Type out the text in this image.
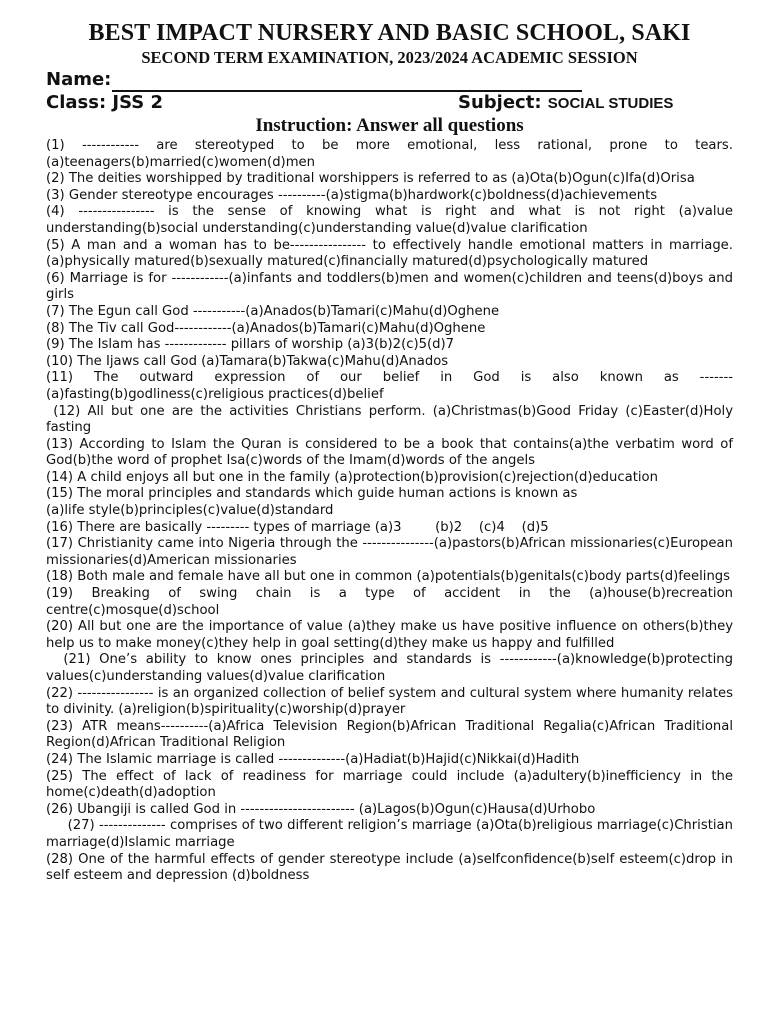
BEST IMPACT NURSERY AND BASIC SCHOOL, SAKI
SECOND TERM EXAMINATION, 2023/2024 ACADEMIC SESSION
Name:
Class: JSS 2	Subject: SOCIAL STUDIES
Instruction: Answer all questions

(1) ------------ are stereotyped to be more emotional, less rational, prone to tears. (a)teenagers(b)married(c)women(d)men

(2) The deities worshipped by traditional worshippers is referred to as (a)Ota(b)Ogun(c)Ifa(d)Orisa

(3) Gender stereotype encourages ----------(a)stigma(b)hardwork(c)boldness(d)achievements

(4) ---------------- is the sense of knowing what is right and what is not right (a)value understanding(b)social understanding(c)understanding value(d)value clarification

(5) A man and a woman has to be---------------- to effectively handle emotional matters in marriage. (a)physically matured(b)sexually matured(c)financially matured(d)psychologically matured

(6) Marriage is for ------------(a)infants and toddlers(b)men and women(c)children and teens(d)boys and girls

(7) The Egun call God -----------(a)Anados(b)Tamari(c)Mahu(d)Oghene

(8) The Tiv call God------------(a)Anados(b)Tamari(c)Mahu(d)Oghene

(9) The Islam has ------------- pillars of worship (a)3(b)2(c)5(d)7

(10) The Ijaws call God (a)Tamara(b)Takwa(c)Mahu(d)Anados

(11) The outward expression of our belief in God is also known as ------- (a)fasting(b)godliness(c)religious practices(d)belief

(12) All but one are the activities Christians perform. (a)Christmas(b)Good Friday (c)Easter(d)Holy fasting

(13) According to Islam the Quran is considered to be a book that contains(a)the verbatim word of God(b)the word of prophet Isa(c)words of the Imam(d)words of the angels

(14) A child enjoys all but one in the family (a)protection(b)provision(c)rejection(d)education

(15) The moral principles and standards which guide human actions is known as

(a)life style(b)principles(c)value(d)standard

(16) There are basically --------- types of marriage (a)3        (b)2    (c)4    (d)5

(17) Christianity came into Nigeria through the ---------------(a)pastors(b)African missionaries(c)European missionaries(d)American missionaries

(18) Both male and female have all but one in common (a)potentials(b)genitals(c)body parts(d)feelings

(19) Breaking of swing chain is a type of accident in the (a)house(b)recreation centre(c)mosque(d)school

(20) All but one are the importance of value (a)they make us have positive influence on others(b)they help us to make money(c)they help in goal setting(d)they make us happy and fulfilled

(21) One’s ability to know ones principles and standards is ------------(a)knowledge(b)protecting values(c)understanding values(d)value clarification

(22) ---------------- is an organized collection of belief system and cultural system where humanity relates to divinity. (a)religion(b)spirituality(c)worship(d)prayer

(23) ATR means----------(a)Africa Television Region(b)African Traditional Regalia(c)African Traditional Region(d)African Traditional Religion

(24) The Islamic marriage is called --------------(a)Hadiat(b)Hajid(c)Nikkai(d)Hadith

(25) The effect of lack of readiness for marriage could include (a)adultery(b)inefficiency in the home(c)death(d)adoption

(26) Ubangiji is called God in ------------------------ (a)Lagos(b)Ogun(c)Hausa(d)Urhobo

(27) -------------- comprises of two different religion’s marriage (a)Ota(b)religious marriage(c)Christian marriage(d)Islamic marriage

(28) One of the harmful effects of gender stereotype include (a)selfconfidence(b)self esteem(c)drop in self esteem and depression (d)boldness
